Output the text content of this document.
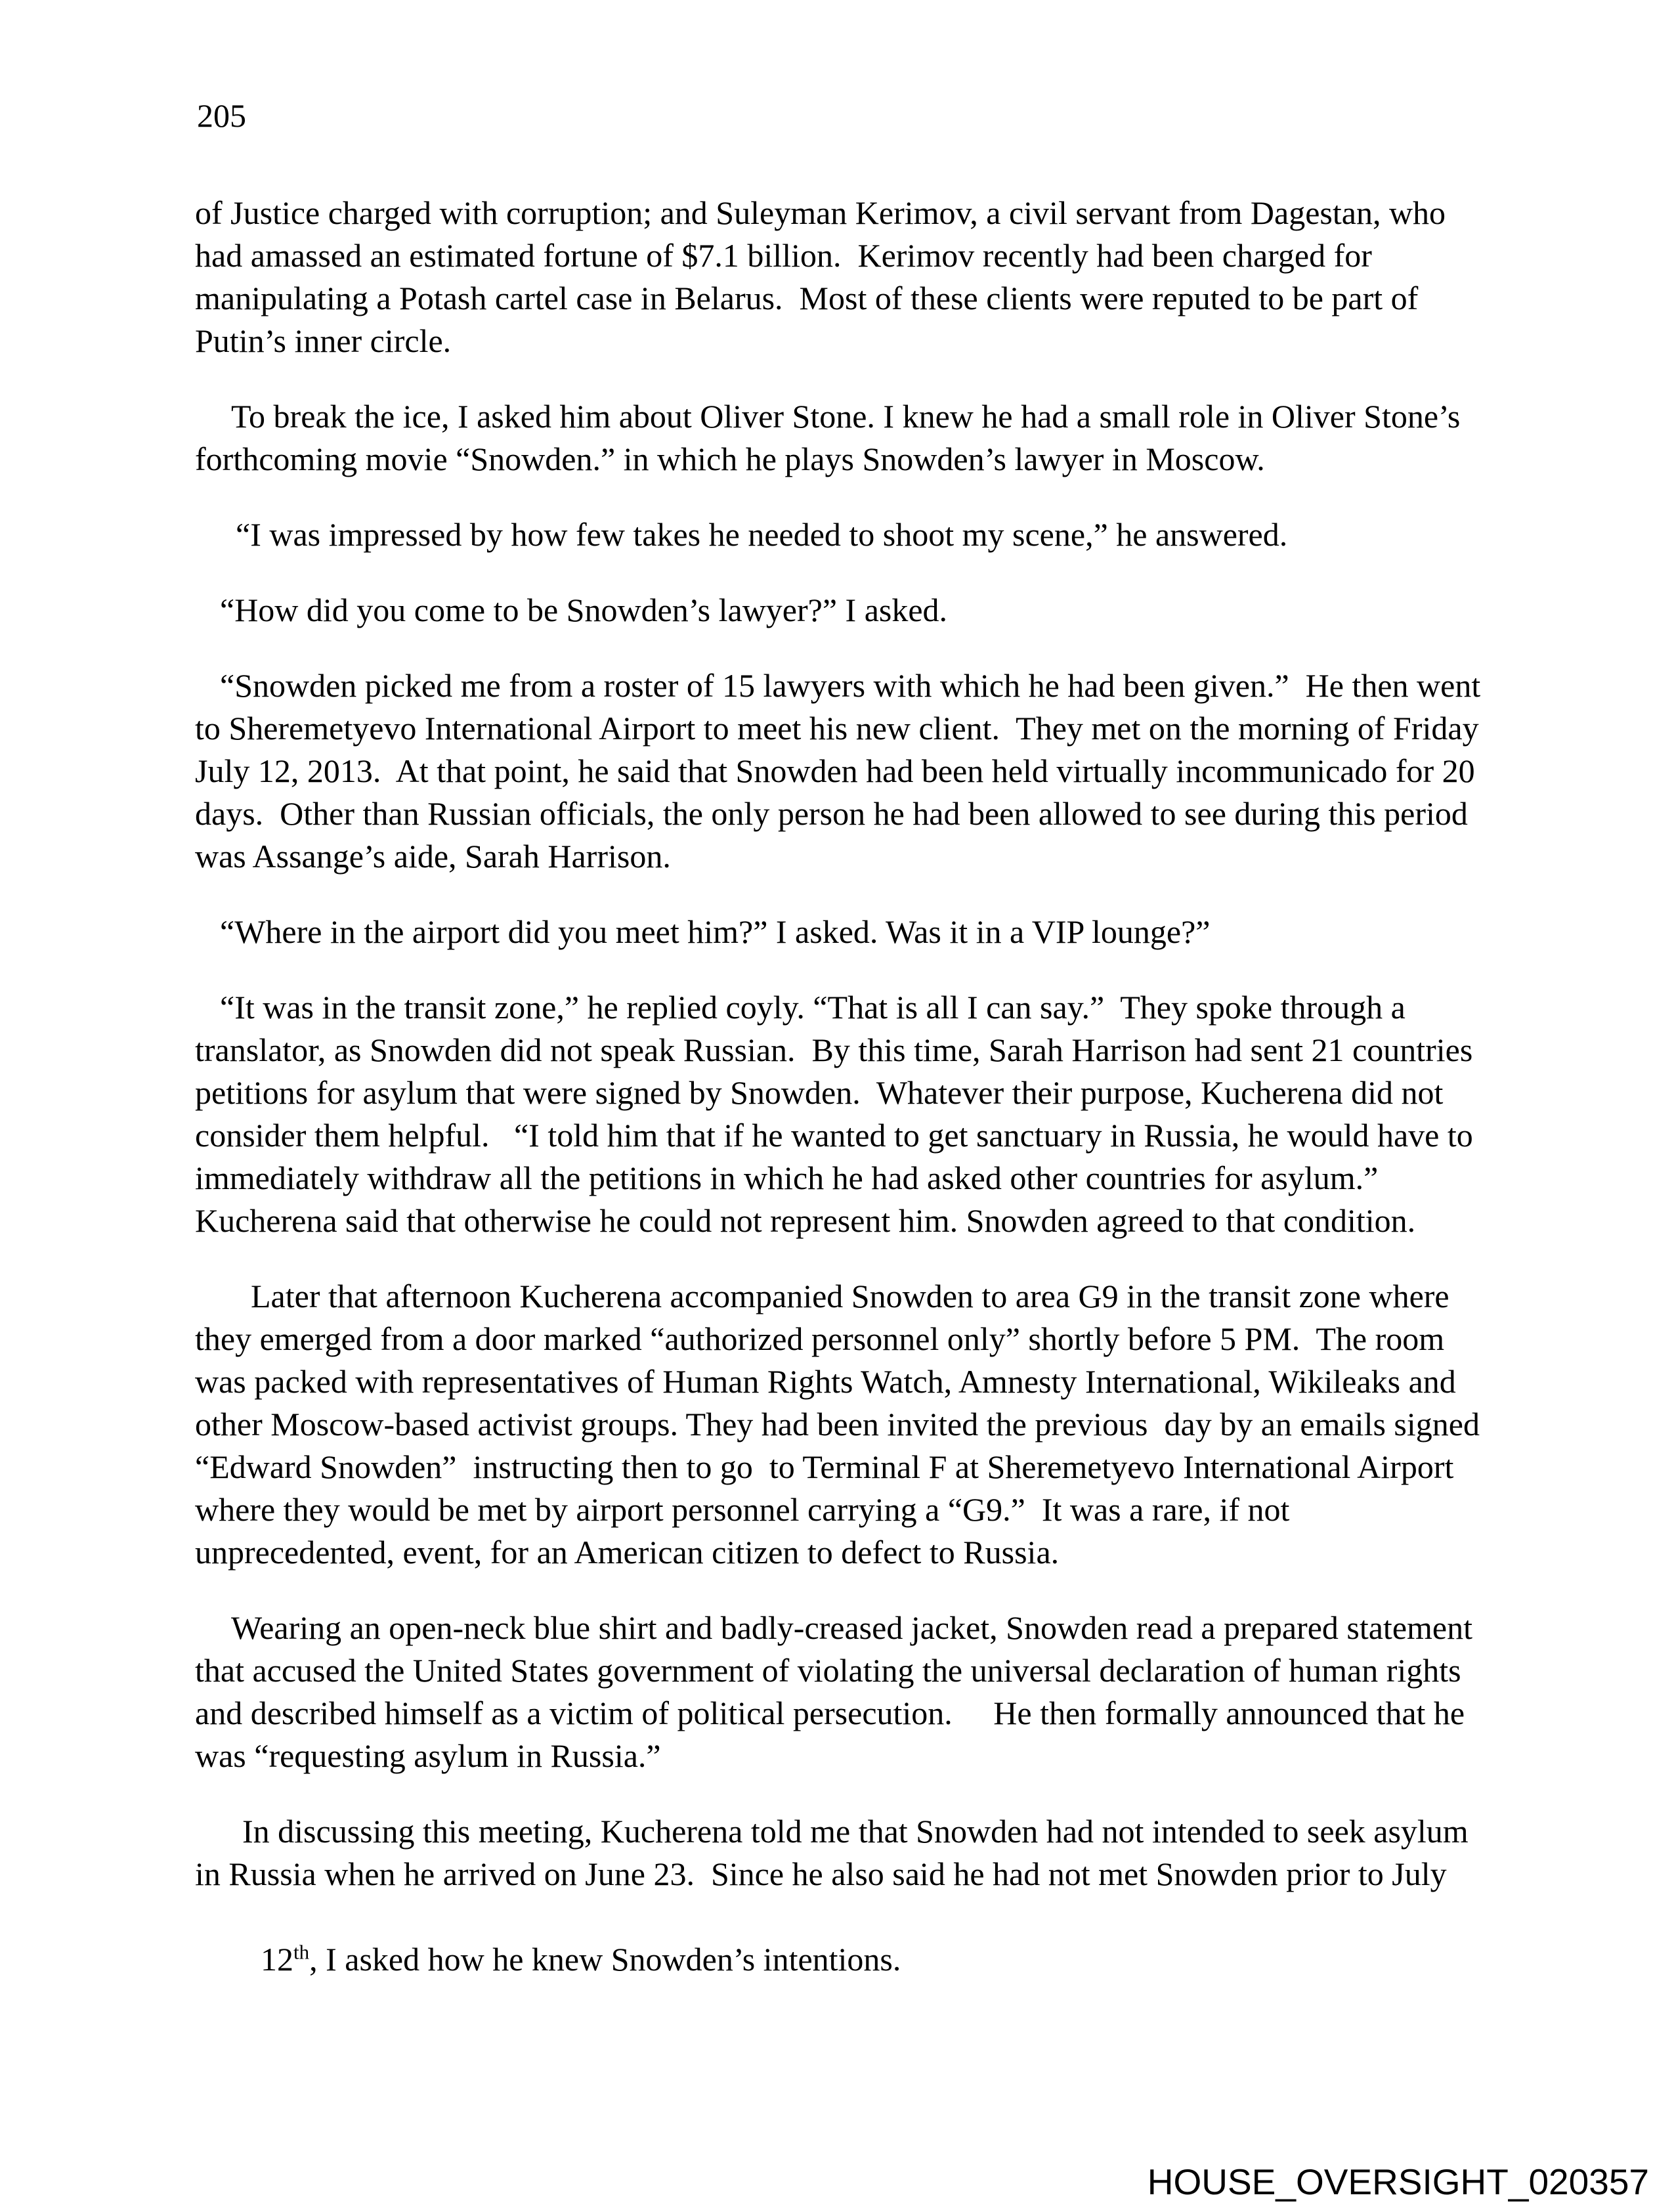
205
of Justice charged with corruption; and Suleyman Kerimov, a civil servant from Dagestan, who
had amassed an estimated fortune of $7.1 billion.  Kerimov recently had been charged for
manipulating a Potash cartel case in Belarus.  Most of these clients were reputed to be part of
Putin’s inner circle.
To break the ice, I asked him about Oliver Stone. I knew he had a small role in Oliver Stone’s
forthcoming movie “Snowden.” in which he plays Snowden’s lawyer in Moscow.
“I was impressed by how few takes he needed to shoot my scene,” he answered.
“How did you come to be Snowden’s lawyer?” I asked.
“Snowden picked me from a roster of 15 lawyers with which he had been given.”  He then went
to Sheremetyevo International Airport to meet his new client.  They met on the morning of Friday
July 12, 2013.  At that point, he said that Snowden had been held virtually incommunicado for 20
days.  Other than Russian officials, the only person he had been allowed to see during this period
was Assange’s aide, Sarah Harrison.
“Where in the airport did you meet him?” I asked. Was it in a VIP lounge?”
“It was in the transit zone,” he replied coyly. “That is all I can say.”  They spoke through a
translator, as Snowden did not speak Russian.  By this time, Sarah Harrison had sent 21 countries
petitions for asylum that were signed by Snowden.  Whatever their purpose, Kucherena did not
consider them helpful.   “I told him that if he wanted to get sanctuary in Russia, he would have to
immediately withdraw all the petitions in which he had asked other countries for asylum.”
Kucherena said that otherwise he could not represent him. Snowden agreed to that condition.
Later that afternoon Kucherena accompanied Snowden to area G9 in the transit zone where
they emerged from a door marked “authorized personnel only” shortly before 5 PM.  The room
was packed with representatives of Human Rights Watch, Amnesty International, Wikileaks and
other Moscow-based activist groups. They had been invited the previous  day by an emails signed
“Edward Snowden”  instructing then to go  to Terminal F at Sheremetyevo International Airport
where they would be met by airport personnel carrying a “G9.”  It was a rare, if not
unprecedented, event, for an American citizen to defect to Russia.
Wearing an open-neck blue shirt and badly-creased jacket, Snowden read a prepared statement
that accused the United States government of violating the universal declaration of human rights
and described himself as a victim of political persecution.     He then formally announced that he
was “requesting asylum in Russia.”
In discussing this meeting, Kucherena told me that Snowden had not intended to seek asylum
in Russia when he arrived on June 23.  Since he also said he had not met Snowden prior to July

12th, I asked how he knew Snowden’s intentions.

HOUSE_OVERSIGHT_020357
